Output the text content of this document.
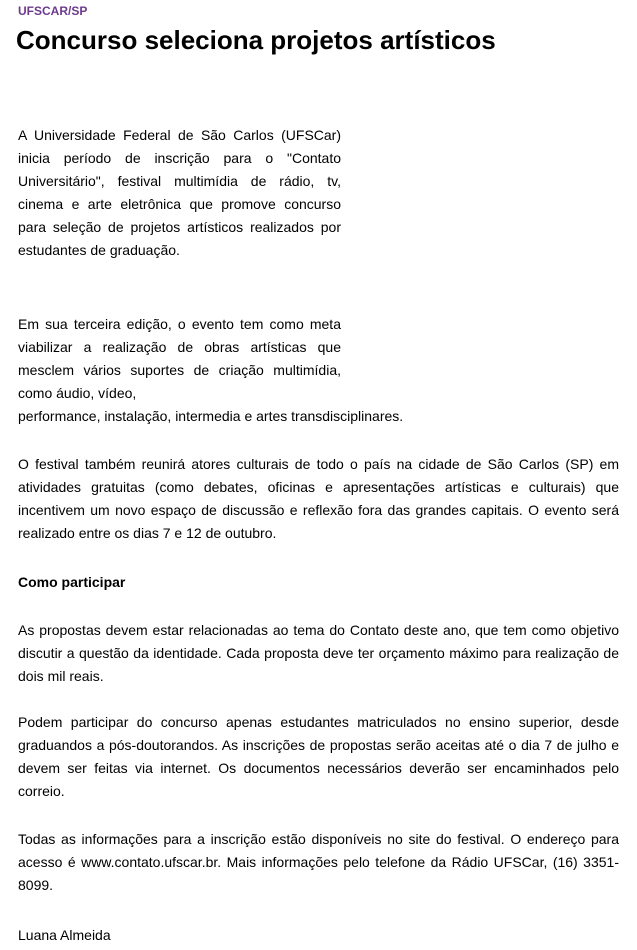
UFSCAR/SP
Concurso seleciona projetos artísticos

A Universidade Federal de São Carlos (UFSCar) inicia período de inscrição para o "Contato Universitário", festival multimídia de rádio, tv, cinema e arte eletrônica que promove concurso para seleção de projetos artísticos realizados por estudantes de graduação.

Em sua terceira edição, o evento tem como meta viabilizar a realização de obras artísticas que mesclem vários suportes de criação multimídia, como áudio, vídeo,
performance, instalação, intermedia e artes transdisciplinares.

O festival também reunirá atores culturais de todo o país na cidade de São Carlos (SP) em atividades gratuitas (como debates, oficinas e apresentações artísticas e culturais) que incentivem um novo espaço de discussão e reflexão fora das grandes capitais. O evento será realizado entre os dias 7 e 12 de outubro.

Como participar

As propostas devem estar relacionadas ao tema do Contato deste ano, que tem como objetivo discutir a questão da identidade. Cada proposta deve ter orçamento máximo para realização de dois mil reais.

Podem participar do concurso apenas estudantes matriculados no ensino superior, desde graduandos a pós-doutorandos. As inscrições de propostas serão aceitas até o dia 7 de julho e devem ser feitas via internet. Os documentos necessários deverão ser encaminhados pelo correio.

Todas as informações para a inscrição estão disponíveis no site do festival. O endereço para acesso é www.contato.ufscar.br. Mais informações pelo telefone da Rádio UFSCar, (16) 3351-8099.

Luana Almeida
